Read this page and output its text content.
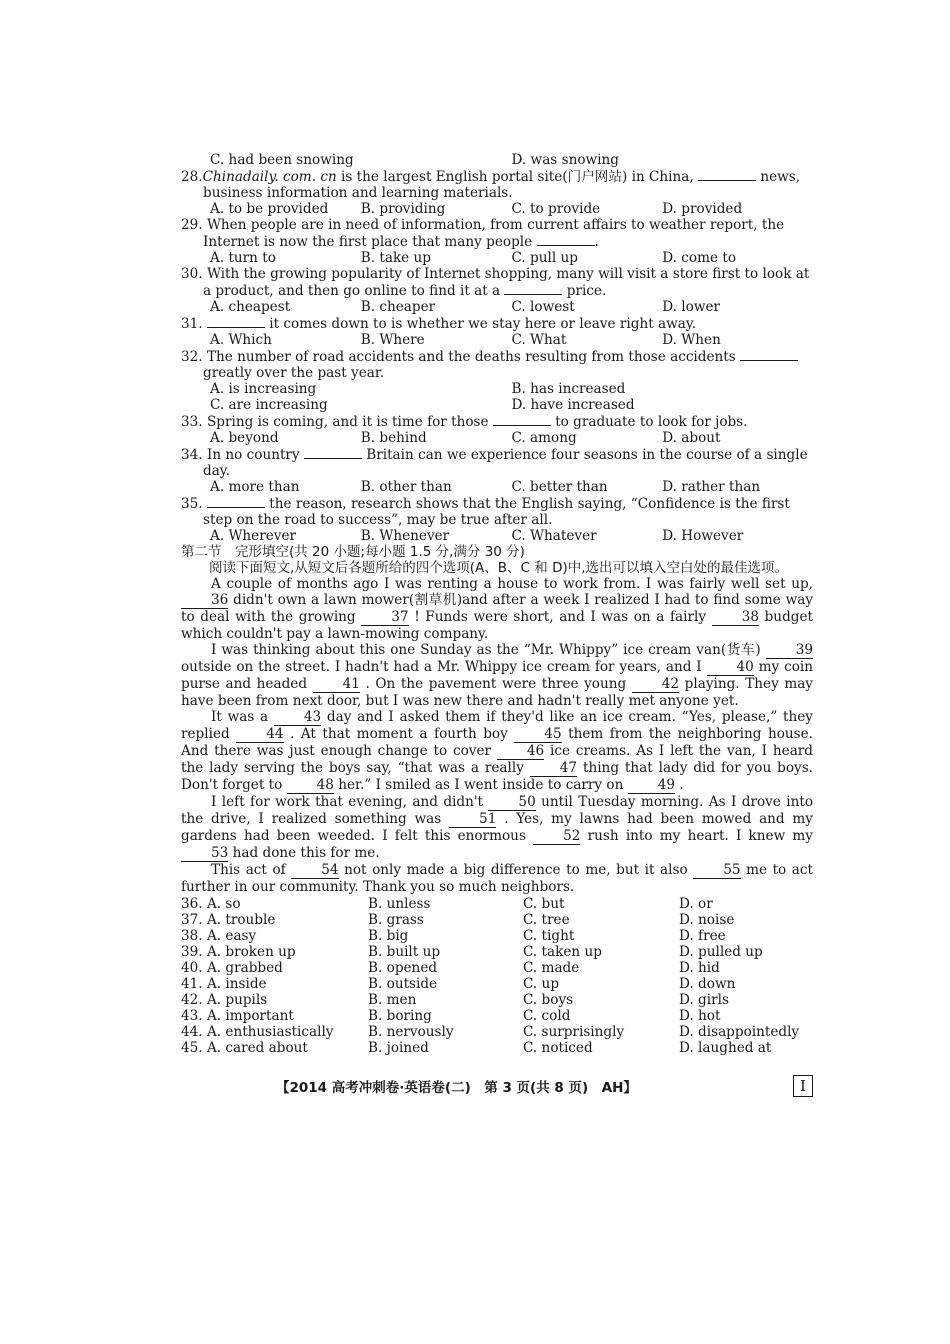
C. had been snowing	D. was snowing
28.Chinadaily. com. cn is the largest English portal site(门户网站) in China,	news, business information and learning materials.
A. to be provided	B. providing	C. to provide	D. provided
29. When people are in need of information, from current affairs to weather report, the Internet is now the first place that many people	.
A. turn to	B. take up	C. pull up	D. come to
30. With the growing popularity of Internet shopping, many will visit a store first to look at a product, and then go online to find it at a	price.
A. cheapest	B. cheaper	C. lowest	D. lower
31.	it comes down to is whether we stay here or leave right away.
A. Which	B. Where	C. What	D. When
32. The number of road accidents and the deaths resulting from those accidents  greatly over the past year.
A. is increasing	B. has increased
C. are increasing	D. have increased
33. Spring is coming, and it is time for those	to graduate to look for jobs.
A. beyond	B. behind	C. among	D. about
34. In no country	Britain can we experience four seasons in the course of a single day.
A. more than	B. other than	C. better than	D. rather than
35.	the reason, research shows that the English saying, “Confidence is the first step on the road to success”, may be true after all.
A. Wherever	B. Whenever	C. Whatever	D. However
第二节　完形填空(共 20 小题;每小题 1.5 分,满分 30 分)
阅读下面短文,从短文后各题所给的四个选项(A、B、C 和 D)中,选出可以填入空白处的最佳选项。

A couple of months ago I was renting a house to work from. I was fairly well set up, 36 didn't own a lawn mower(割草机)and after a week I realized I had to find some way to deal with the growing 37 ! Funds were short, and I was on a fairly 38 budget which couldn't pay a lawn-mowing company.

I was thinking about this one Sunday as the “Mr. Whippy” ice cream van(货车) 39 outside on the street. I hadn't had a Mr. Whippy ice cream for years, and I 40 my coin purse and headed 41 . On the pavement were three young 42 playing. They may have been from next door, but I was new there and hadn't really met anyone yet.

It was a 43 day and I asked them if they'd like an ice cream. “Yes, please,” they replied 44 . At that moment a fourth boy 45 them from the neighboring house. And there was just enough change to cover 46 ice creams. As I left the van, I heard the lady serving the boys say, “that was a really 47 thing that lady did for you boys. Don't forget to 48 her.” I smiled as I went inside to carry on 49 .

I left for work that evening, and didn't 50 until Tuesday morning. As I drove into the drive, I realized something was 51 . Yes, my lawns had been mowed and my gardens had been weeded. I felt this enormous 52 rush into my heart. I knew my 53 had done this for me.

This act of 54 not only made a big difference to me, but it also 55 me to act further in our community. Thank you so much neighbors.

36. A. so	B. unless	C. but	D. or
37. A. trouble	B. grass	C. tree	D. noise
38. A. easy	B. big	C. tight	D. free
39. A. broken up	B. built up	C. taken up	D. pulled up
40. A. grabbed	B. opened	C. made	D. hid
41. A. inside	B. outside	C. up	D. down
42. A. pupils	B. men	C. boys	D. girls
43. A. important	B. boring	C. cold	D. hot
44. A. enthusiastically	B. nervously	C. surprisingly	D. disappointedly
45. A. cared about	B. joined	C. noticed	D. laughed at
【2014 高考冲刺卷·英语卷(二)　第 3 页(共 8 页)　AH】	I
